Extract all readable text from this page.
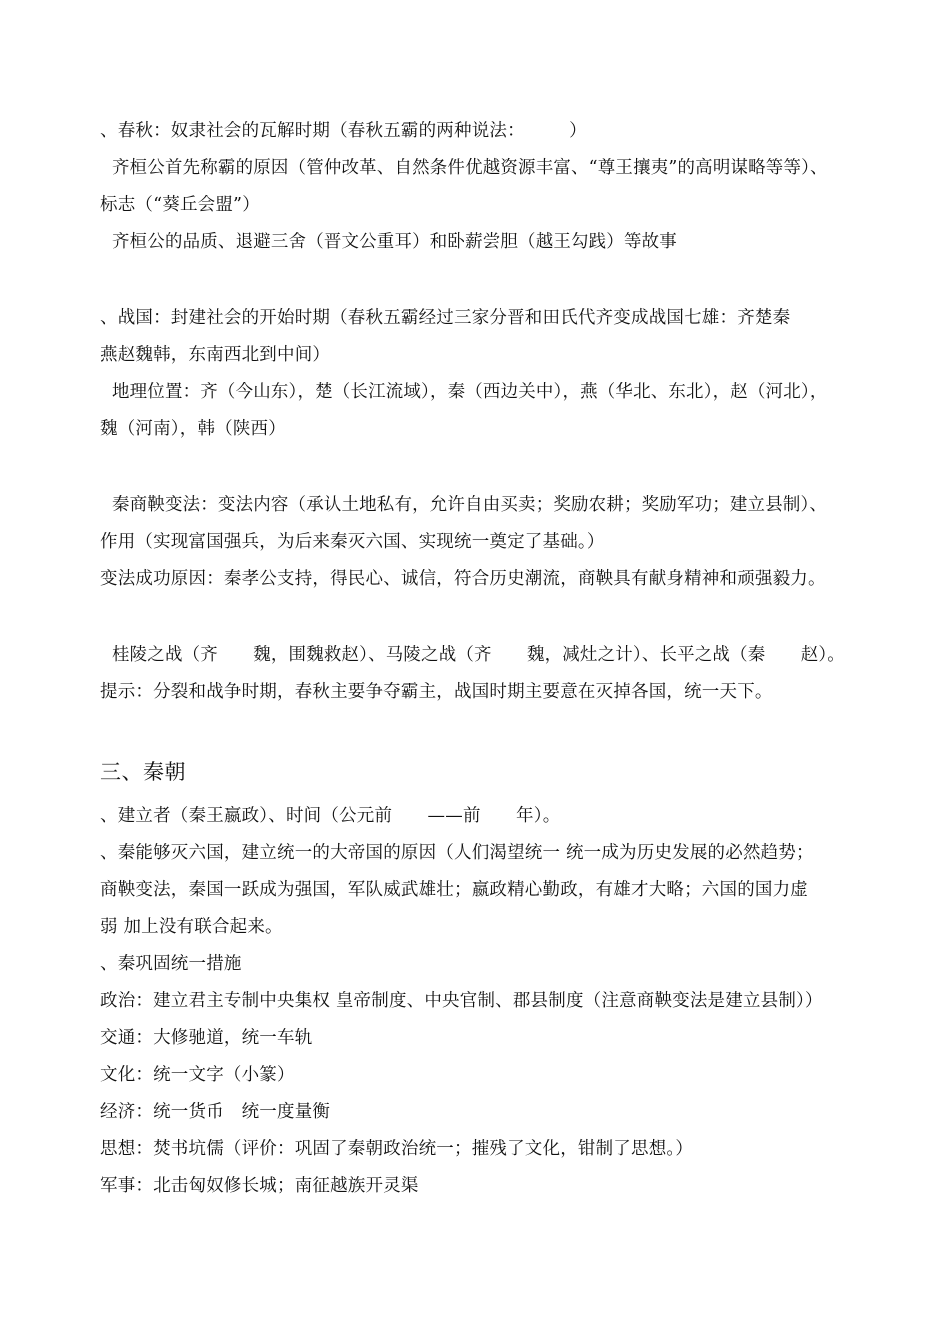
、春秋：奴隶社会的瓦解时期（春秋五霸的两种说法：　　　）
齐桓公首先称霸的原因（管仲改革、自然条件优越资源丰富、“尊王攘夷”的高明谋略等等）、
标志（“葵丘会盟”）
齐桓公的品质、退避三舍（晋文公重耳）和卧薪尝胆（越王勾践）等故事
、战国：封建社会的开始时期（春秋五霸经过三家分晋和田氏代齐变成战国七雄：齐楚秦
燕赵魏韩，东南西北到中间）
地理位置：齐（今山东），楚（长江流域），秦（西边关中），燕（华北、东北），赵（河北），
魏（河南），韩（陕西）
秦商鞅变法：变法内容（承认土地私有，允许自由买卖；奖励农耕；奖励军功；建立县制）、
作用（实现富国强兵，为后来秦灭六国、实现统一奠定了基础。）
变法成功原因：秦孝公支持，得民心、诚信，符合历史潮流，商鞅具有献身精神和顽强毅力。
桂陵之战（齐　　魏，围魏救赵）、马陵之战（齐　　魏，减灶之计）、长平之战（秦　　赵）。
提示：分裂和战争时期，春秋主要争夺霸主，战国时期主要意在灭掉各国，统一天下。
三、秦朝
、建立者（秦王嬴政）、时间（公元前　　——前　　年）。
、秦能够灭六国，建立统一的大帝国的原因（人们渴望统一 统一成为历史发展的必然趋势；
商鞅变法，秦国一跃成为强国，军队威武雄壮；嬴政精心勤政，有雄才大略；六国的国力虚
弱 加上没有联合起来。
、秦巩固统一措施
政治：建立君主专制中央集权 皇帝制度、中央官制、郡县制度（注意商鞅变法是建立县制））
交通：大修驰道，统一车轨
文化：统一文字（小篆）
经济：统一货币　统一度量衡
思想：焚书坑儒（评价：巩固了秦朝政治统一；摧残了文化，钳制了思想。）
军事：北击匈奴修长城；南征越族开灵渠
